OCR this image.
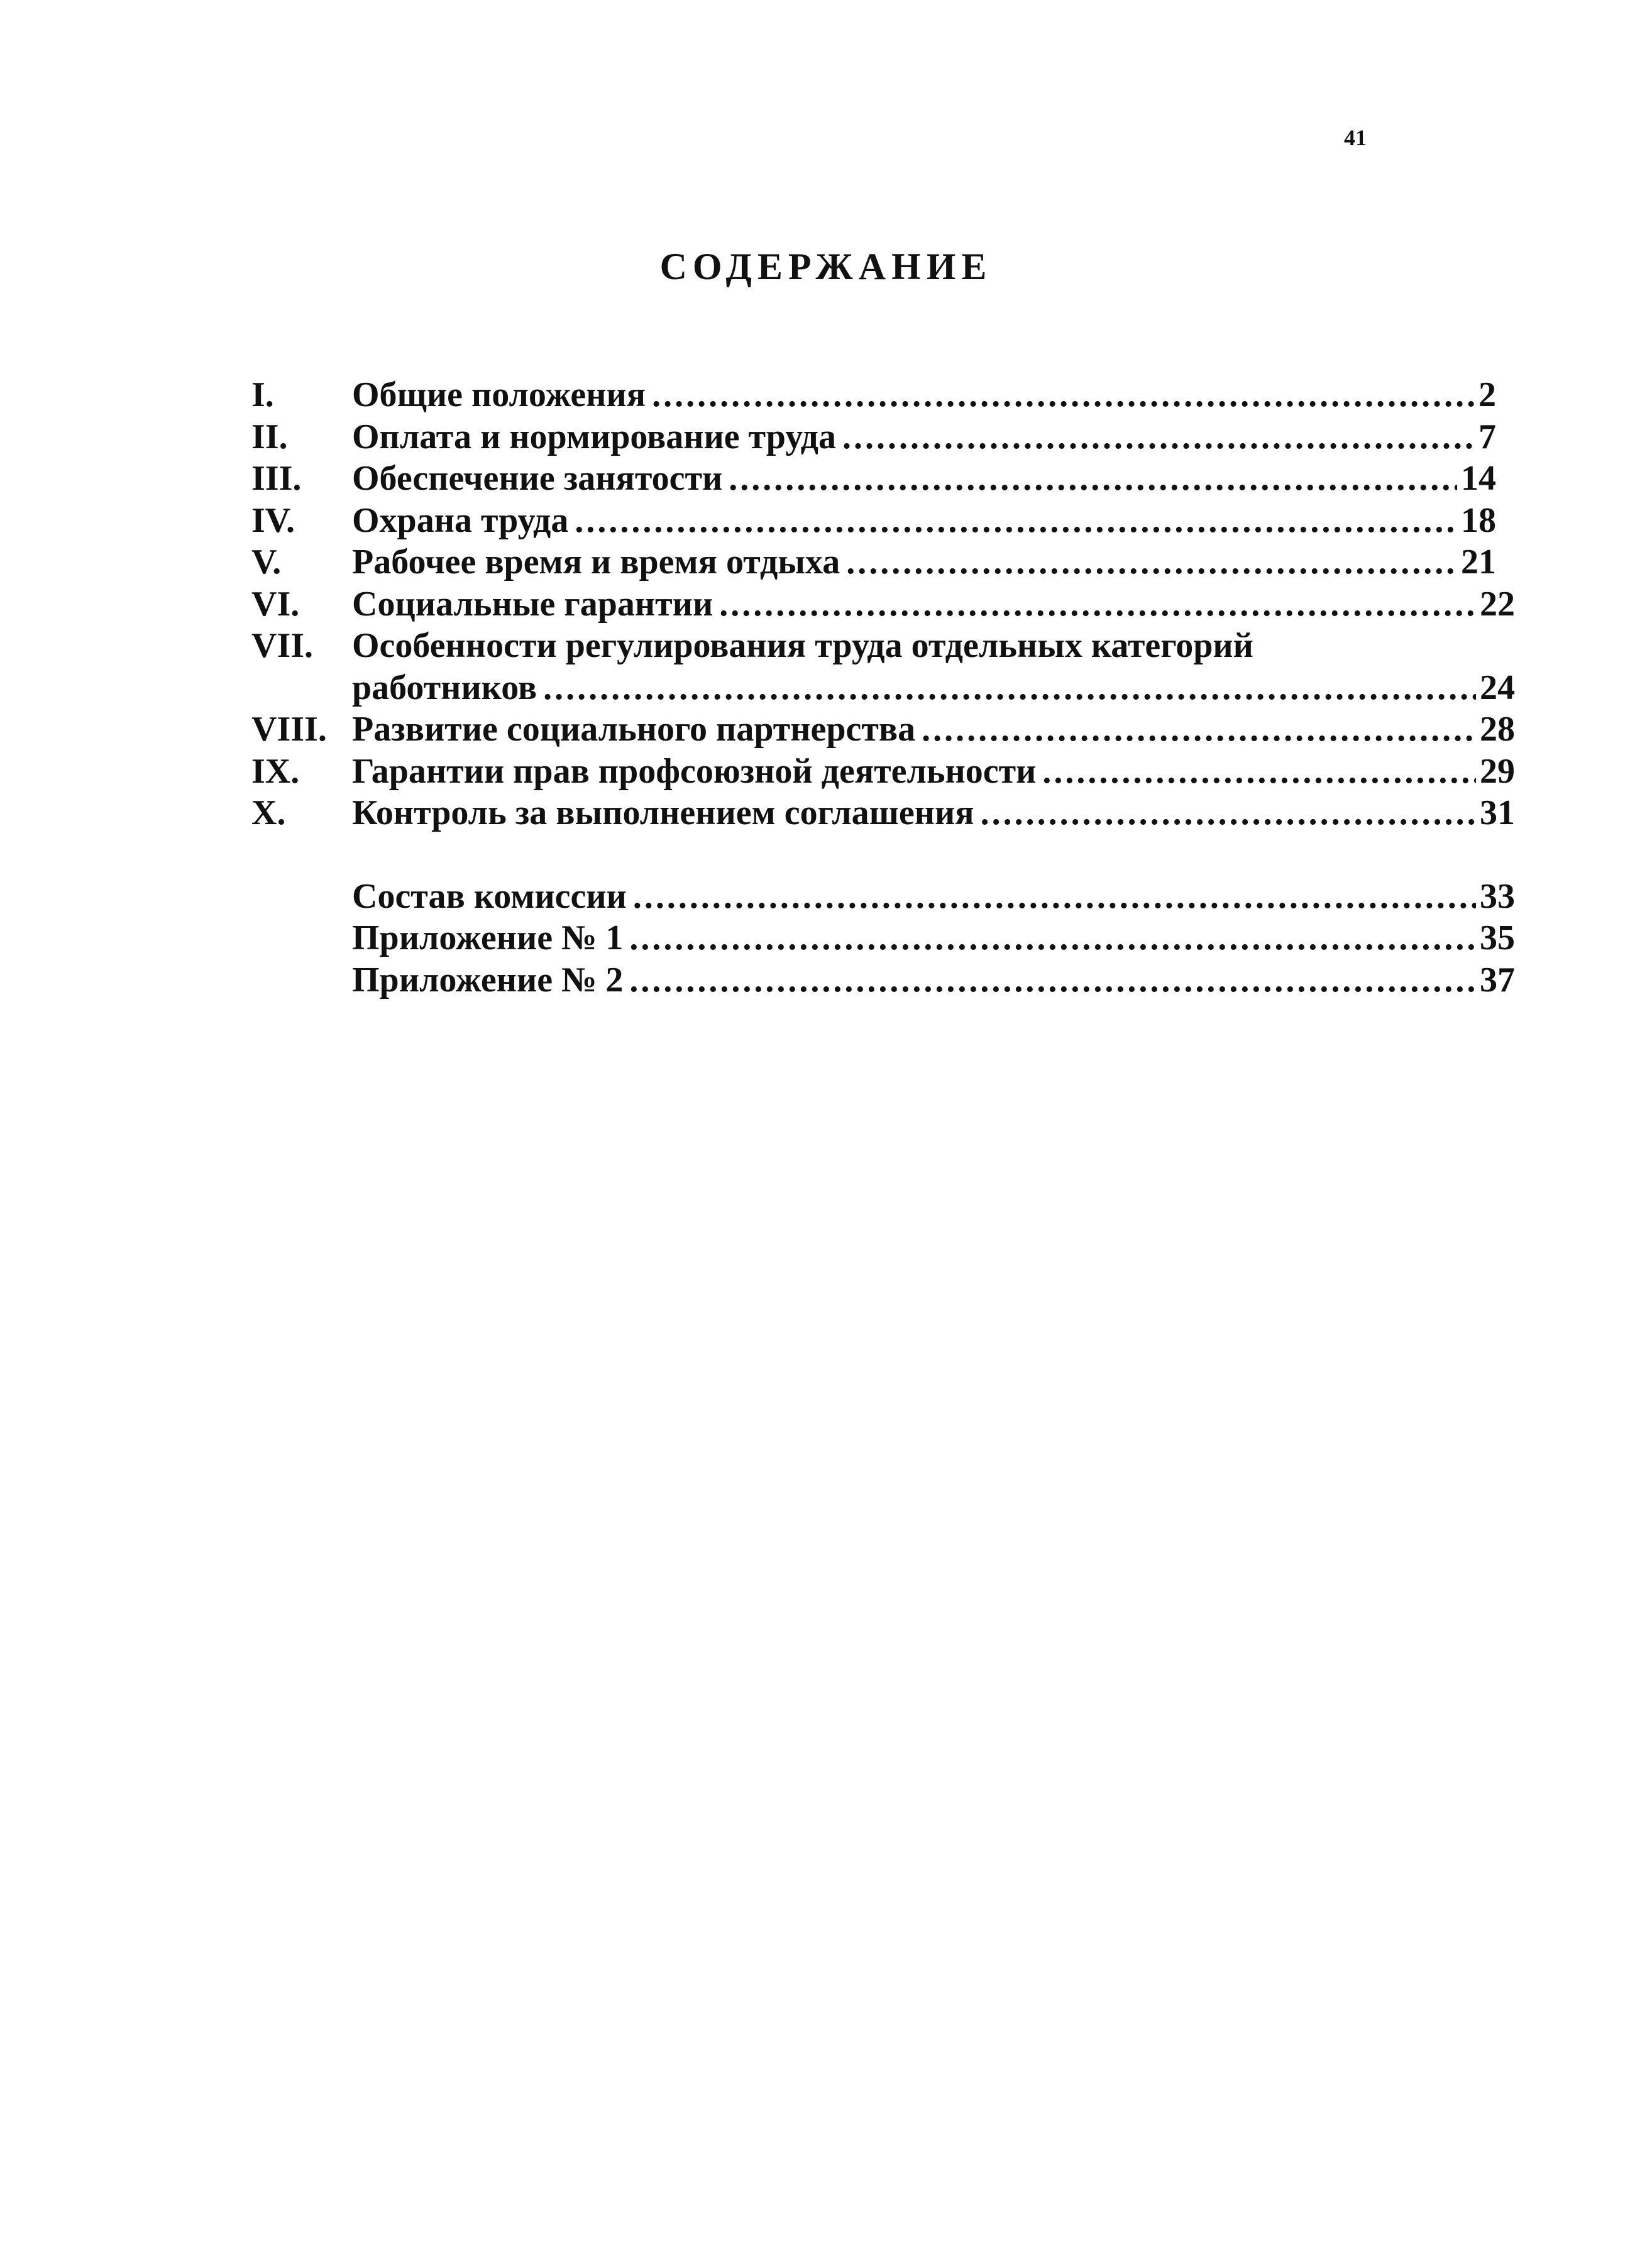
41
СОДЕРЖАНИЕ
I.	Общие положения .....	2
II.	Оплата и нормирование труда .....	7
III.	Обеспечение занятости .....	14
IV.	Охрана труда .....	18
V.	Рабочее время и время отдыха .....	21
VI.	Социальные гарантии .....	22
VII.	Особенности регулирования труда отдельных категорий
работников .....	24
VIII. Развитие социального партнерства .....	28
IX.	Гарантии прав профсоюзной деятельности .....	29
X.	Контроль за выполнением соглашения .....	31
Состав комиссии .....	33
Приложение № 1 .....	35
Приложение № 2 .....	37
